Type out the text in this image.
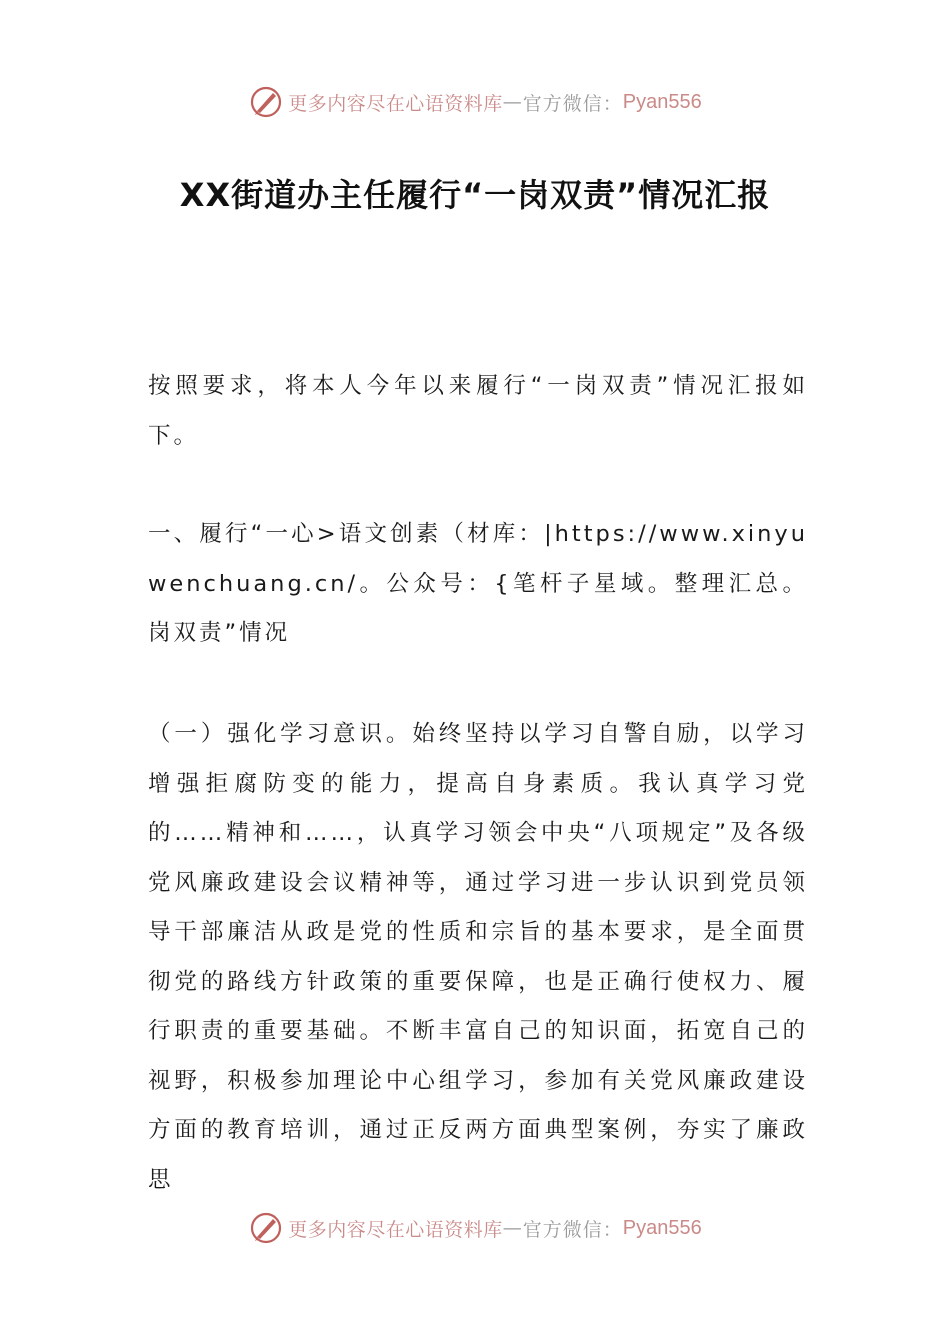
更多内容尽在心语资料库 — 官方微信： Pyan556
XX街道办主任履行“一岗双责”情况汇报
按照要求，将本人今年以来履行“一岗双责”情况汇报如下。
一、履行“一心>语文创素（材库：|https://www.xinyuwenchuang.cn/。公众号：{笔杆子星域。整理汇总。岗双责”情况
（一）强化学习意识。始终坚持以学习自警自励，以学习增强拒腐防变的能力，提高自身素质。我认真学习党的……精神和……，认真学习领会中央“八项规定”及各级党风廉政建设会议精神等，通过学习进一步认识到党员领导干部廉洁从政是党的性质和宗旨的基本要求，是全面贯彻党的路线方针政策的重要保障，也是正确行使权力、履行职责的重要基础。不断丰富自己的知识面，拓宽自己的视野，积极参加理论中心组学习，参加有关党风廉政建设方面的教育培训，通过正反两方面典型案例，夯实了廉政思
更多内容尽在心语资料库 — 官方微信： Pyan556
